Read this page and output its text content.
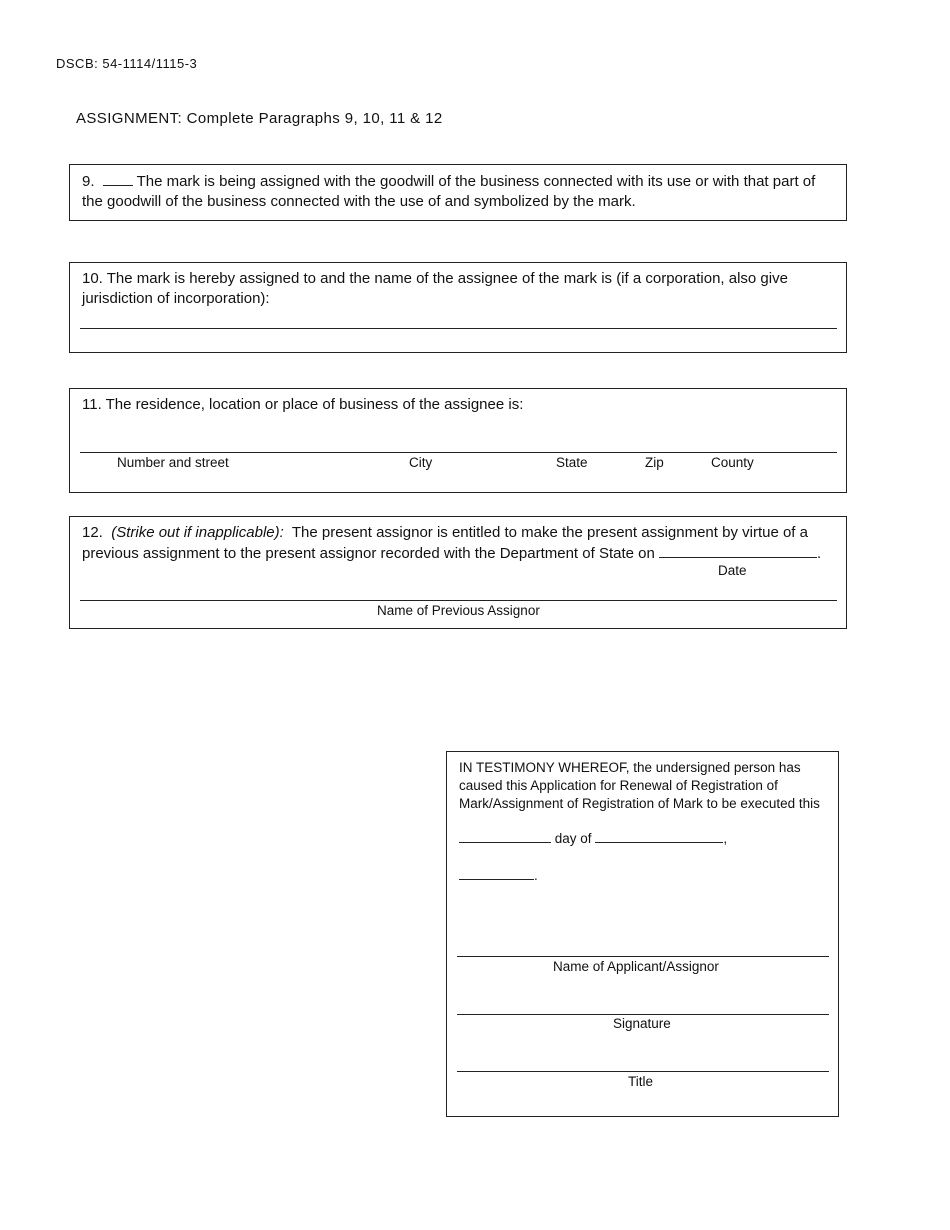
DSCB: 54-1114/1115-3
ASSIGNMENT: Complete Paragraphs 9, 10, 11 & 12
9.	The mark is being assigned with the goodwill of the business connected with its use or with that part of the goodwill of the business connected with the use of and symbolized by the mark.
10. The mark is hereby assigned to and the name of the assignee of the mark is (if a corporation, also give jurisdiction of incorporation):
11. The residence, location or place of business of the assignee is:
Number and street	City	State	Zip	County
12. (Strike out if inapplicable): The present assignor is entitled to make the present assignment by virtue of a previous assignment to the present assignor recorded with the Department of State on	.
Date
Name of Previous Assignor
IN TESTIMONY WHEREOF, the undersigned person has caused this Application for Renewal of Registration of Mark/Assignment of Registration of Mark to be executed this
day of	,
.
Name of Applicant/Assignor
Signature
Title
